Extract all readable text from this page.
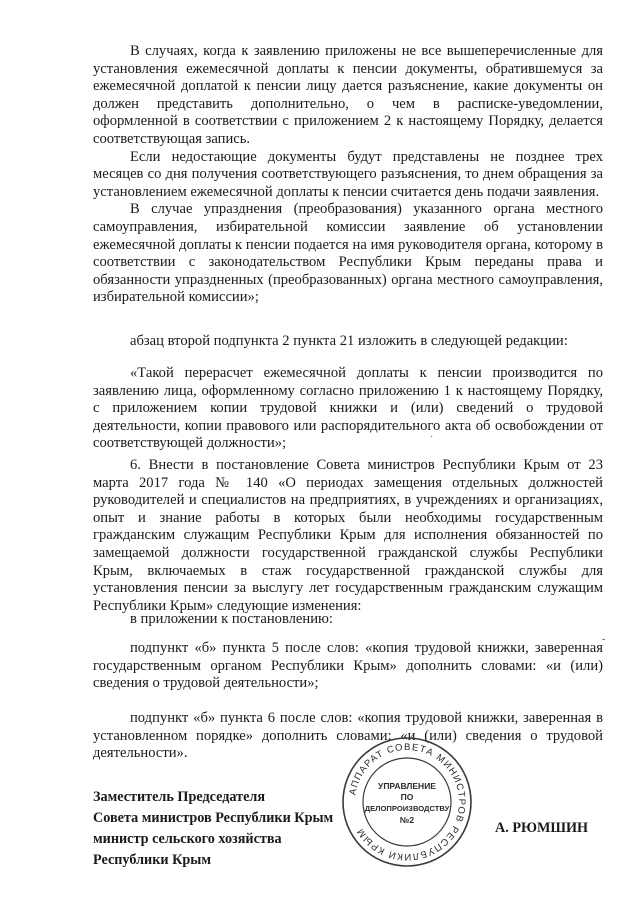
В случаях, когда к заявлению приложены не все вышеперечисленные для установления ежемесячной доплаты к пенсии документы, обратившемуся за ежемесячной доплатой к пенсии лицу дается разъяснение, какие документы он должен представить дополнительно, о чем в расписке-уведомлении, оформленной в соответствии с приложением 2 к настоящему Порядку, делается соответствующая запись.

Если недостающие документы будут представлены не позднее трех месяцев со дня получения соответствующего разъяснения, то днем обращения за установлением ежемесячной доплаты к пенсии считается день подачи заявления.

В случае упразднения (преобразования) указанного органа местного самоуправления, избирательной комиссии заявление об установлении ежемесячной доплаты к пенсии подается на имя руководителя органа, которому в соответствии с законодательством Республики Крым переданы права и обязанности упраздненных (преобразованных) органа местного самоуправления, избирательной комиссии»;

абзац второй подпункта 2 пункта 21 изложить в следующей редакции:

«Такой перерасчет ежемесячной доплаты к пенсии производится по заявлению лица, оформленному согласно приложению 1 к настоящему Порядку, с приложением копии трудовой книжки и (или) сведений о трудовой деятельности, копии правового или распорядительного акта об освобождении от соответствующей должности»;

6. Внести в постановление Совета министров Республики Крым от 23 марта 2017 года № 140 «О периодах замещения отдельных должностей руководителей и специалистов на предприятиях, в учреждениях и организациях, опыт и знание работы в которых были необходимы государственным гражданским служащим Республики Крым для исполнения обязанностей по замещаемой должности государственной гражданской службы Республики Крым, включаемых в стаж государственной гражданской службы для установления пенсии за выслугу лет государственным гражданским служащим Республики Крым» следующие изменения:

в приложении к постановлению:

подпункт «б» пункта 5 после слов: «копия трудовой книжки, заверенная государственным органом Республики Крым» дополнить словами: «и (или) сведения о трудовой деятельности»;

подпункт «б» пункта 6 после слов: «копия трудовой книжки, заверенная в установленном порядке» дополнить словами: «и (или) сведения о трудовой деятельности».

АППАРАТ СОВЕТА МИНИСТРОВ РЕСПУБЛИКИ КРЫМ
УПРАВЛЕНИЕ
ПО
ДЕЛОПРОИЗВОДСТВУ
№2
Заместитель Председателя
Совета министров Республики Крым
министр сельского хозяйства
Республики Крым
А. РЮМШИН
-
·
